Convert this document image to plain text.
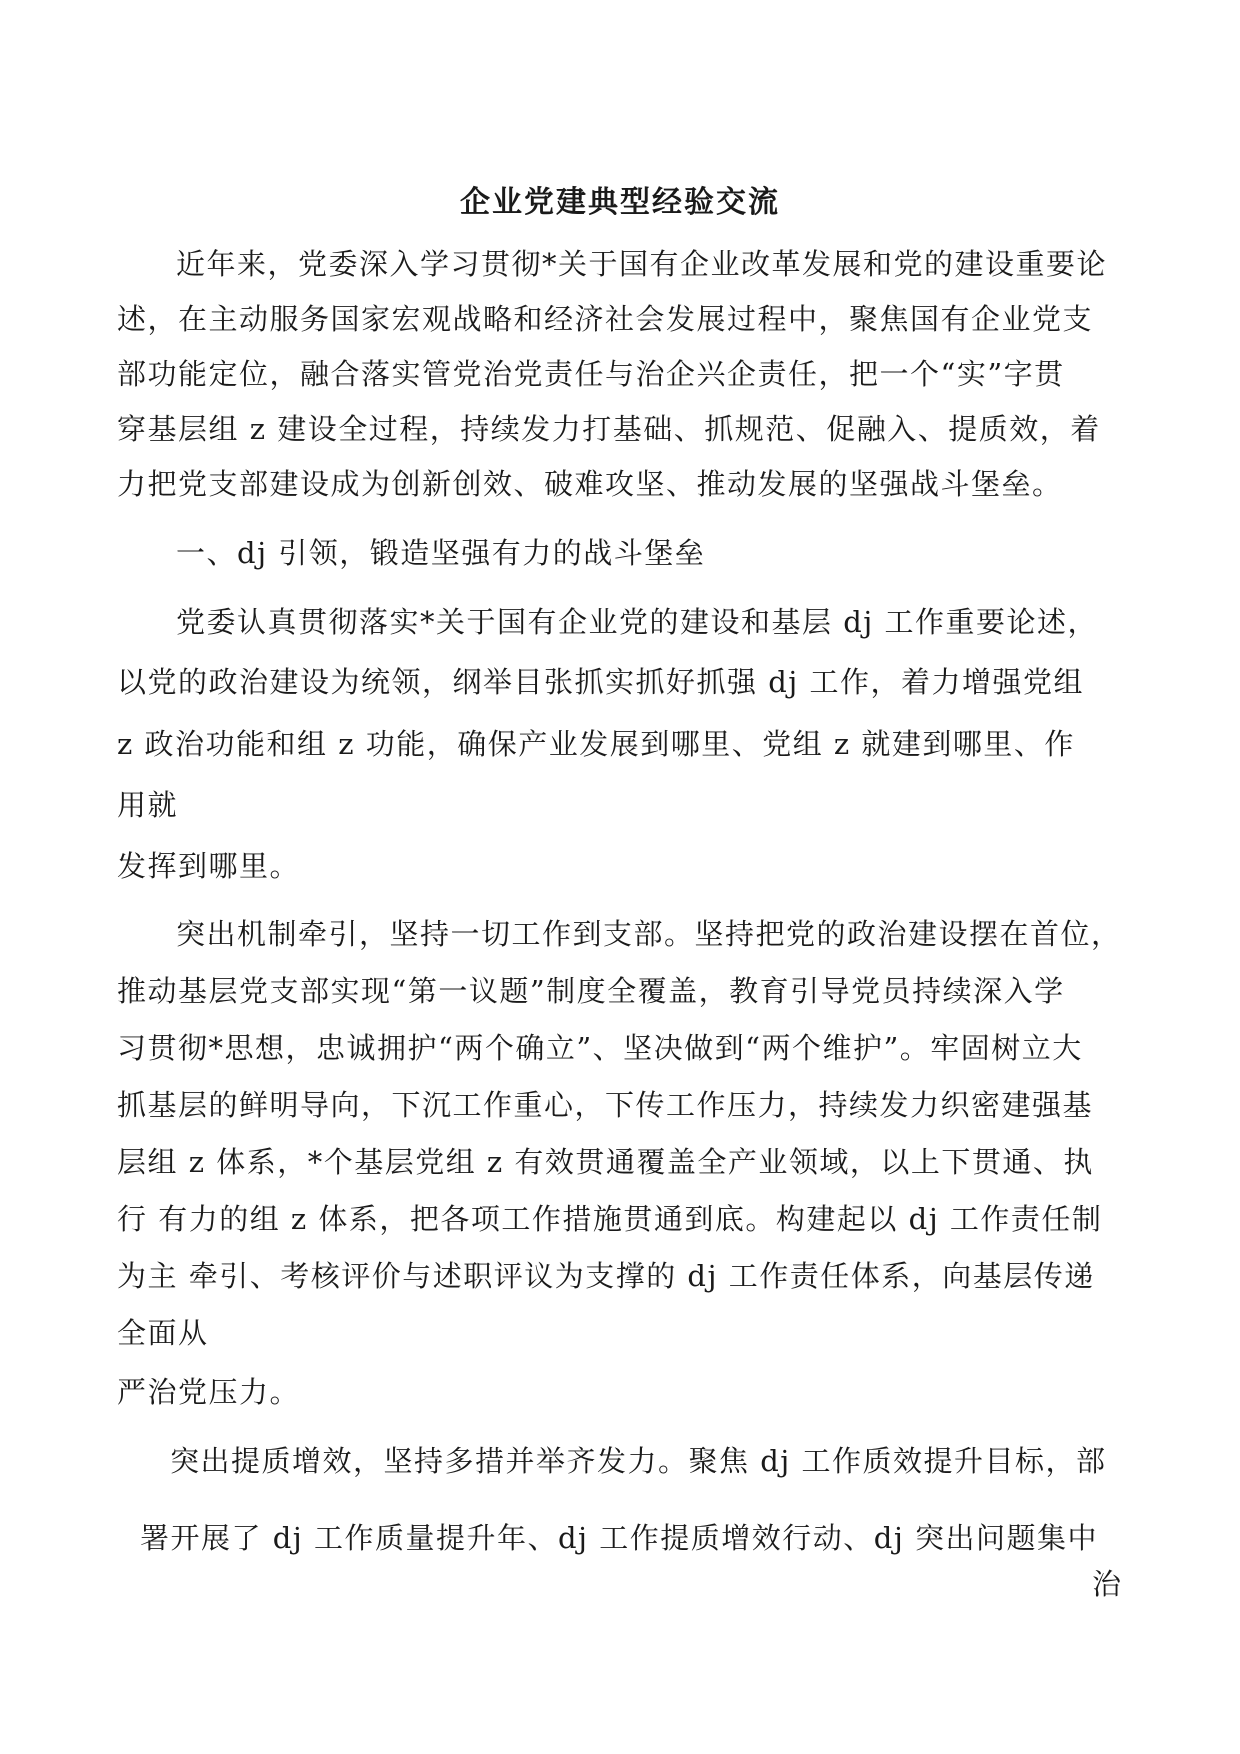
企业党建典型经验交流
近年来，党委深入学习贯彻*关于国有企业改革发展和党的建设重要论
述，在主动服务国家宏观战略和经济社会发展过程中，聚焦国有企业党支
部功能定位，融合落实管党治党责任与治企兴企责任，把一个“实”字贯
穿基层组 z 建设全过程，持续发力打基础、抓规范、促融入、提质效，着
力把党支部建设成为创新创效、破难攻坚、推动发展的坚强战斗堡垒。
一、dj 引领，锻造坚强有力的战斗堡垒
党委认真贯彻落实*关于国有企业党的建设和基层 dj 工作重要论述，
以党的政治建设为统领，纲举目张抓实抓好抓强 dj 工作，着力增强党组
z 政治功能和组 z 功能，确保产业发展到哪里、党组 z 就建到哪里、作
用就
发挥到哪里。
突出机制牵引，坚持一切工作到支部。坚持把党的政治建设摆在首位，
推动基层党支部实现“第一议题”制度全覆盖，教育引导党员持续深入学
习贯彻*思想，忠诚拥护“两个确立”、坚决做到“两个维护”。牢固树立大
抓基层的鲜明导向，下沉工作重心，下传工作压力，持续发力织密建强基
层组 z 体系，*个基层党组 z 有效贯通覆盖全产业领域，以上下贯通、执
行 有力的组 z 体系，把各项工作措施贯通到底。构建起以 dj 工作责任制
为主 牵引、考核评价与述职评议为支撑的 dj 工作责任体系，向基层传递
全面从
严治党压力。
突出提质增效，坚持多措并举齐发力。聚焦 dj 工作质效提升目标，部
署开展了 dj 工作质量提升年、dj 工作提质增效行动、dj 突出问题集中
治
